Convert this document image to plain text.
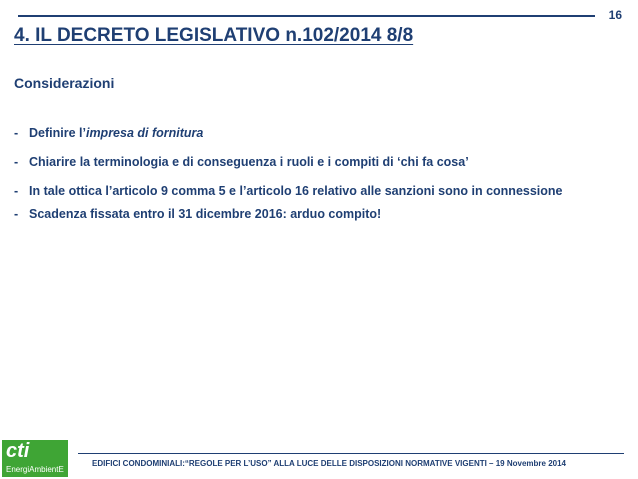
16
4. IL DECRETO LEGISLATIVO n.102/2014 8/8
Considerazioni
- Definire l’impresa di fornitura
- Chiarire la terminologia e di conseguenza i ruoli e i compiti di ‘chi fa cosa’
- In tale ottica l’articolo 9 comma 5 e l’articolo 16 relativo alle sanzioni sono in connessione
- Scadenza fissata entro il 31 dicembre 2016: arduo compito!
cti
EnergiAmbientE
EDIFICI CONDOMINIALI:“REGOLE PER L’USO” ALLA LUCE DELLE DISPOSIZIONI NORMATIVE VIGENTI – 19 Novembre 2014
